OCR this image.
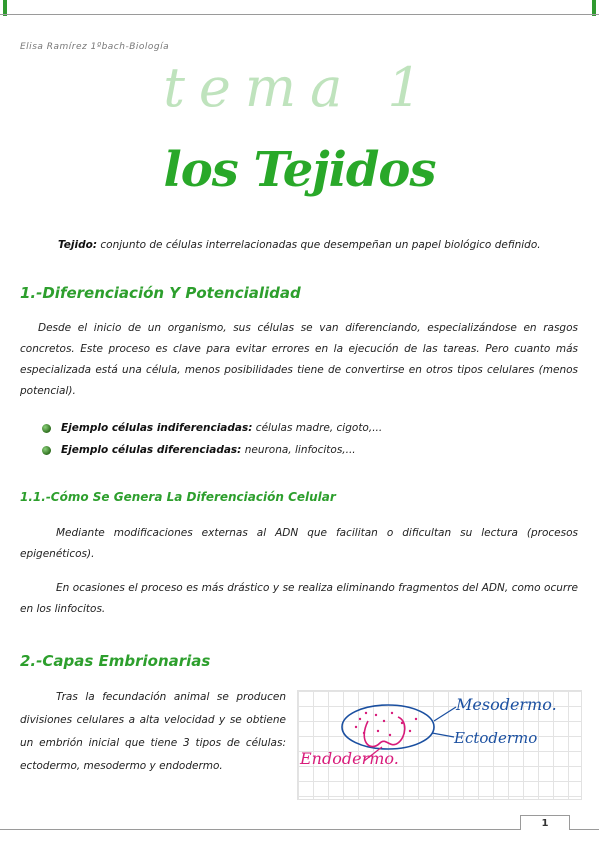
Elisa Ramírez 1ºbach-Biología
tema 1
los Tejidos
Tejido: conjunto de células interrelacionadas que desempeñan un papel biológico definido.
1.-Diferenciación Y Potencialidad
Desde el inicio de un organismo, sus células se van diferenciando, especializándose en rasgos concretos. Este proceso es clave para evitar errores en la ejecución de las tareas. Pero cuanto más especializada está una célula, menos posibilidades tiene de convertirse en otros tipos celulares (menos potencial).
Ejemplo células indiferenciadas: células madre, cigoto,...
Ejemplo células diferenciadas: neurona, linfocitos,...
1.1.-Cómo Se Genera La Diferenciación Celular
Mediante modificaciones externas al ADN que facilitan o dificultan su lectura (procesos epigenéticos).
En ocasiones el proceso es más drástico y se realiza eliminando fragmentos del ADN, como ocurre en los linfocitos.
2.-Capas Embrionarias
Tras la fecundación animal se producen divisiones celulares a alta velocidad y se obtiene un embrión inicial que tiene 3 tipos de células: ectodermo, mesodermo y endodermo.
Mesodermo.
Ectodermo
Endodermo.
1
